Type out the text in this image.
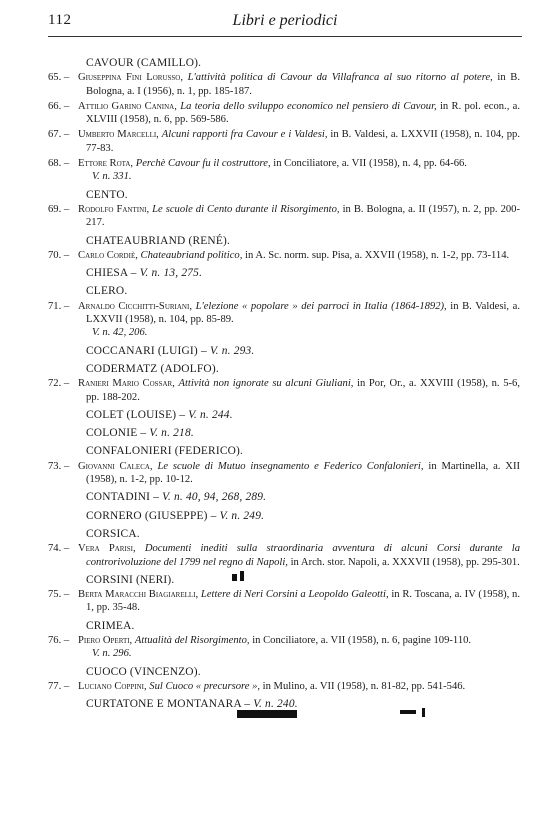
112	Libri e periodici
CAVOUR (CAMILLO).
65. – Giuseppina Fini Lorusso, L'attività politica di Cavour da Villafranca al suo ritorno al potere, in B. Bologna, a. I (1956), n. 1, pp. 185-187.
66. – Attilio Garino Canina, La teoria dello sviluppo economico nel pensiero di Cavour, in R. pol. econ., a. XLVIII (1958), n. 6, pp. 569-586.
67. – Umberto Marcelli, Alcuni rapporti fra Cavour e i Valdesi, in B. Valdesi, a. LXXVII (1958), n. 104, pp. 77-83.
68. – Ettore Rota, Perchè Cavour fu il costruttore, in Conciliatore, a. VII (1958), n. 4, pp. 64-66.
V. n. 331.
CENTO.
69. – Rodolfo Fantini, Le scuole di Cento durante il Risorgimento, in B. Bologna, a. II (1957), n. 2, pp. 200-217.
CHATEAUBRIAND (RENÉ).
70. – Carlo Cordiè, Chateaubriand politico, in A. Sc. norm. sup. Pisa, a. XXVII (1958), n. 1-2, pp. 73-114.
CHIESA – V. n. 13, 275.
CLERO.
71. – Arnaldo Cicchitti-Suriani, L'elezione « popolare » dei parroci in Italia (1864-1892), in B. Valdesi, a. LXXVII (1958), n. 104, pp. 85-89.
V. n. 42, 206.
COCCANARI (LUIGI) – V. n. 293.
CODERMATZ (ADOLFO).
72. – Ranieri Mario Cossar, Attività non ignorate su alcuni Giuliani, in Por, Or., a. XXVIII (1958), n. 5-6, pp. 188-202.
COLET (LOUISE) – V. n. 244.
COLONIE – V. n. 218.
CONFALONIERI (FEDERICO).
73. – Giovanni Caleca, Le scuole di Mutuo insegnamento e Federico Confalonieri, in Martinella, a. XII (1958), n. 1-2, pp. 10-12.
CONTADINI – V. n. 40, 94, 268, 289.
CORNERO (GIUSEPPE) – V. n. 249.
CORSICA.
74. – Vera Parisi, Documenti inediti sulla straordinaria avventura di alcuni Corsi durante la controrivoluzione del 1799 nel regno di Napoli, in Arch. stor. Napoli, a. XXXVII (1958), pp. 295-301.
CORSINI (NERI).
75. – Berta Maracchi Biagiarelli, Lettere di Neri Corsini a Leopoldo Galeotti, in R. Toscana, a. IV (1958), n. 1, pp. 35-48.
CRIMEA.
76. – Piero Operti, Attualità del Risorgimento, in Conciliatore, a. VII (1958), n. 6, pagine 109-110.
V. n. 296.
CUOCO (VINCENZO).
77. – Luciano Coppini, Sul Cuoco « precursore », in Mulino, a. VII (1958), n. 81-82, pp. 541-546.
CURTATONE E MONTANARA – V. n. 240.
